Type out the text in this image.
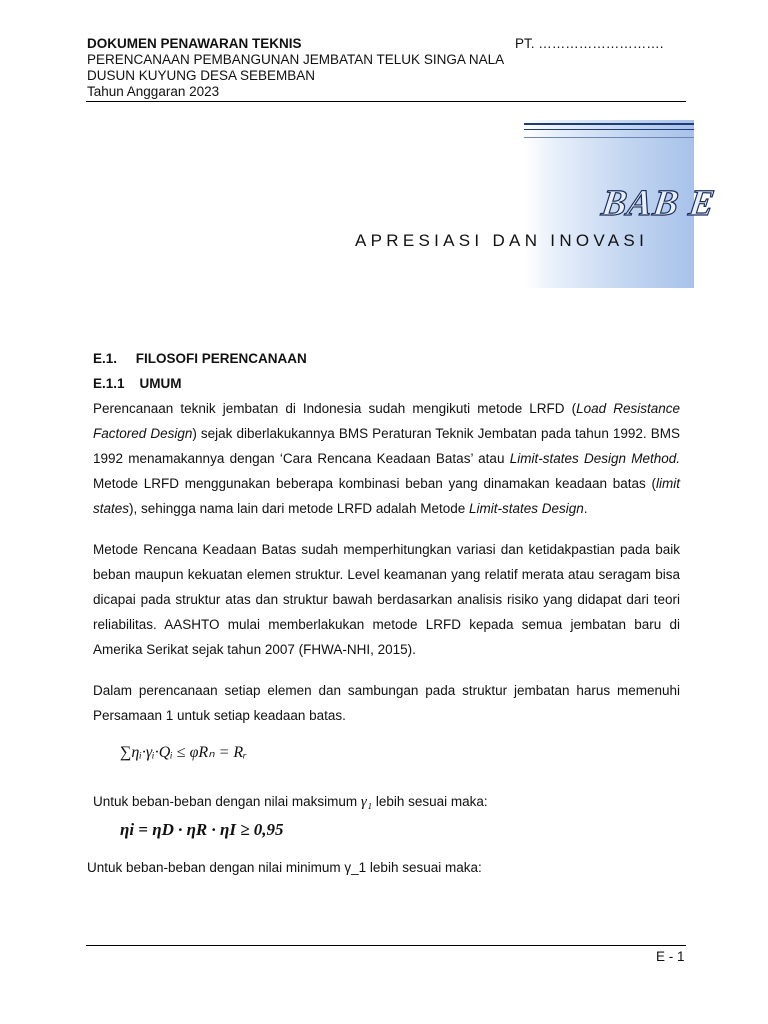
DOKUMEN PENAWARAN TEKNIS	PT. ……………………….
PERENCANAAN PEMBANGUNAN JEMBATAN TELUK SINGA NALA
DUSUN KUYUNG DESA SEBEMBAN
Tahun Anggaran 2023
BAB E
APRESIASI DAN INOVASI
E.1.     FILOSOFI PERENCANAAN
E.1.1    UMUM
Perencanaan teknik jembatan di Indonesia sudah mengikuti metode LRFD (Load Resistance Factored Design) sejak diberlakukannya BMS Peraturan Teknik Jembatan pada tahun 1992. BMS 1992 menamakannya dengan ‘Cara Rencana Keadaan Batas’ atau Limit-states Design Method. Metode LRFD menggunakan beberapa kombinasi beban yang dinamakan keadaan batas (limit states), sehingga nama lain dari metode LRFD adalah Metode Limit-states Design.
Metode Rencana Keadaan Batas sudah memperhitungkan variasi dan ketidakpastian pada baik beban maupun kekuatan elemen struktur. Level keamanan yang relatif merata atau seragam bisa dicapai pada struktur atas dan struktur bawah berdasarkan analisis risiko yang didapat dari teori reliabilitas. AASHTO mulai memberlakukan metode LRFD kepada semua jembatan baru di Amerika Serikat sejak tahun 2007 (FHWA-NHI, 2015).
Dalam perencanaan setiap elemen dan sambungan pada struktur jembatan harus memenuhi Persamaan 1 untuk setiap keadaan batas.
∑ηᵢ·γᵢ·Qᵢ ≤ φRₙ = Rᵣ
Untuk beban-beban dengan nilai maksimum γ₁ lebih sesuai maka:
ηi = ηD · ηR · ηI ≥ 0,95
Untuk beban-beban dengan nilai minimum γ_1 lebih sesuai maka:
E - 1
